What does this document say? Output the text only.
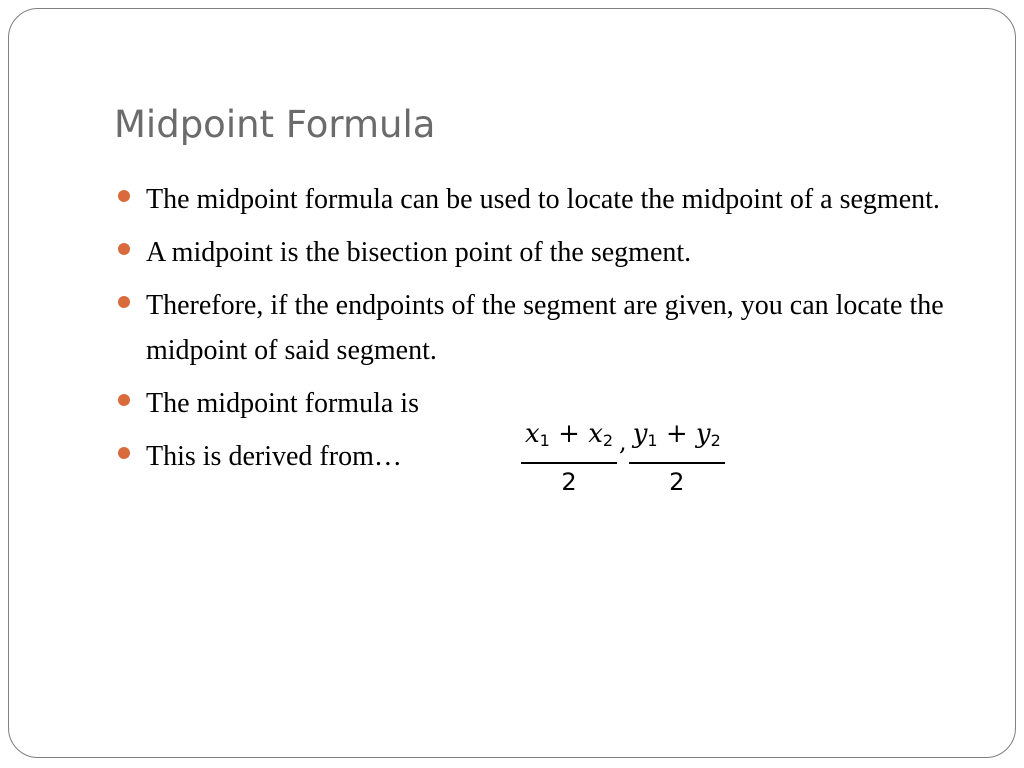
Midpoint Formula
The midpoint formula can be used to locate the midpoint of a segment.
A midpoint is the bisection point of the segment.
Therefore, if the endpoints of the segment are given, you can locate the midpoint of said segment.
The midpoint formula is
This is derived from…	$\frac{x_1 + x_2}{2}$ , $\frac{y_1 + y_2}{2}$
